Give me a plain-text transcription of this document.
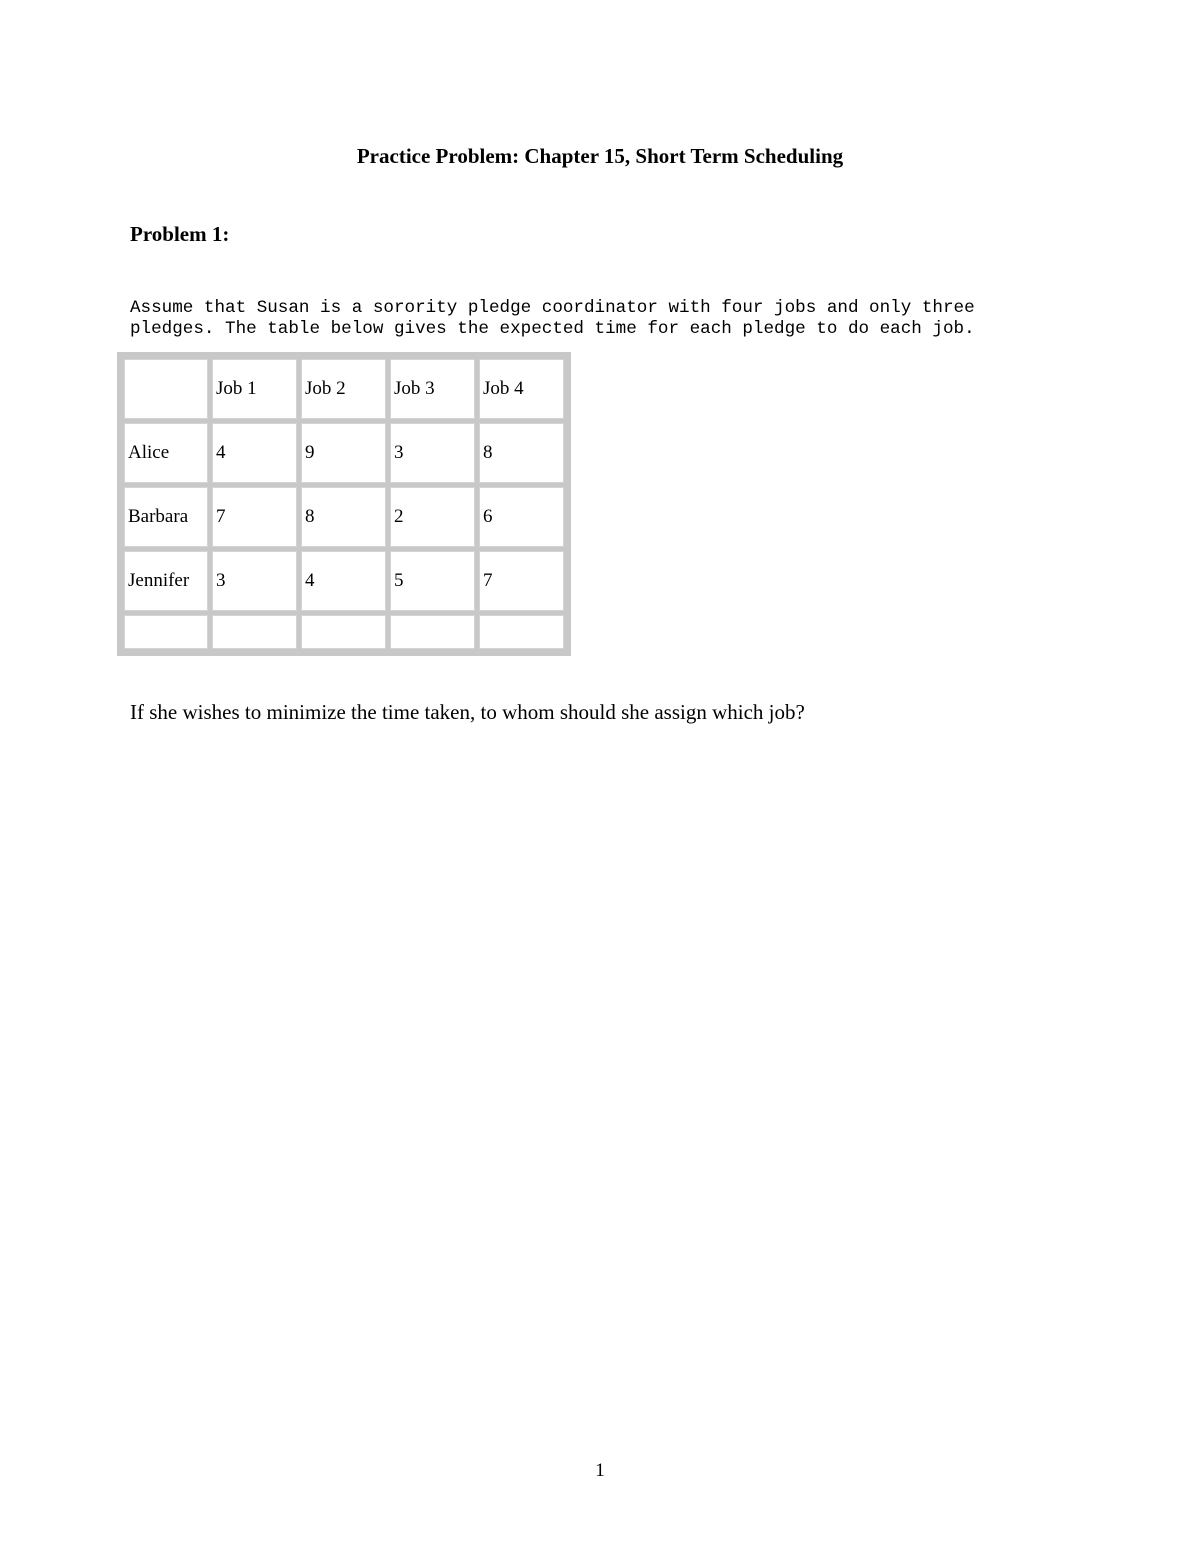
Practice Problem: Chapter 15, Short Term Scheduling
Problem 1:
Assume that Susan is a sorority pledge coordinator with four jobs and only three
pledges. The table below gives the expected time for each pledge to do each job.
	Job 1	Job 2	Job 3	Job 4
Alice	4	9	3	8
Barbara	7	8	2	6
Jennifer	3	4	5	7

If she wishes to minimize the time taken, to whom should she assign which job?
1
